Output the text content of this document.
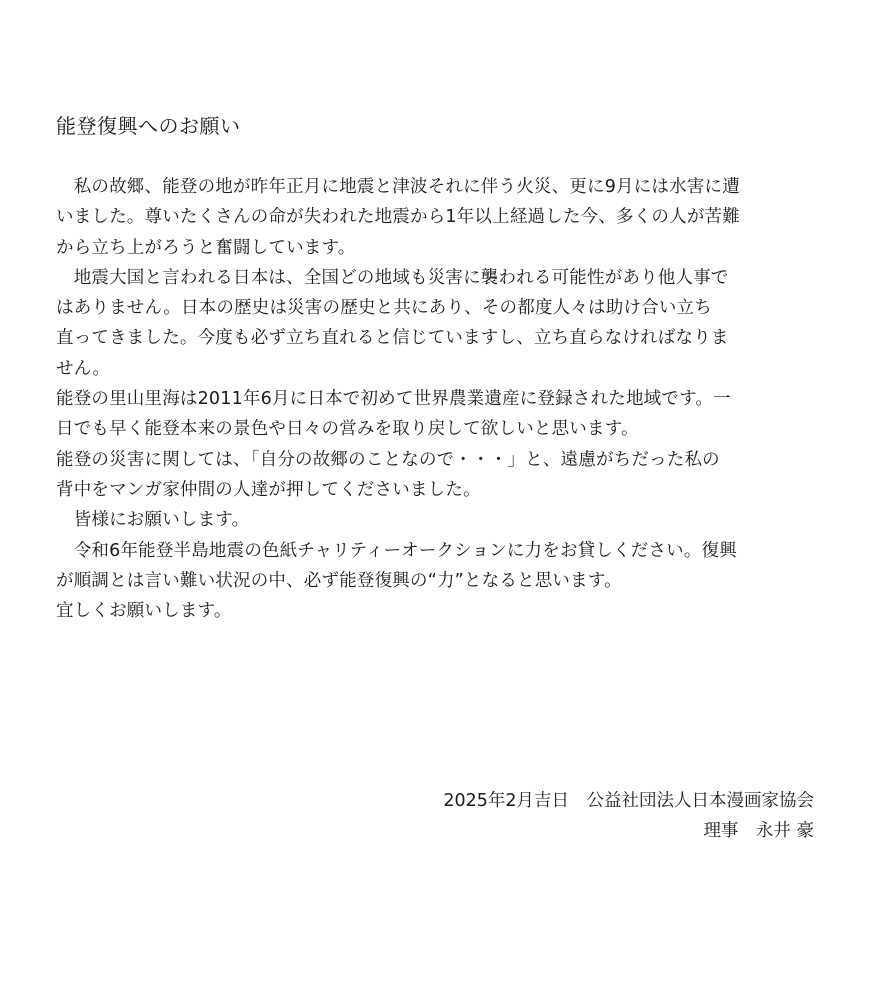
能登復興へのお願い
　私の故郷、能登の地が昨年正月に地震と津波それに伴う火災、更に9月には水害に遭
いました。尊いたくさんの命が失われた地震から1年以上経過した今、多くの人が苦難
から立ち上がろうと奮闘しています。
　地震大国と言われる日本は、全国どの地域も災害に襲われる可能性があり他人事で
はありません。日本の歴史は災害の歴史と共にあり、その都度人々は助け合い立ち
直ってきました。今度も必ず立ち直れると信じていますし、立ち直らなければなりま
せん。
能登の里山里海は2011年6月に日本で初めて世界農業遺産に登録された地域です。一
日でも早く能登本来の景色や日々の営みを取り戻して欲しいと思います。
能登の災害に関しては、「自分の故郷のことなので・・・」と、遠慮がちだった私の
背中をマンガ家仲間の人達が押してくださいました。
　皆様にお願いします。
　令和6年能登半島地震の色紙チャリティーオークションに力をお貸しください。復興
が順調とは言い難い状況の中、必ず能登復興の“力”となると思います。
宜しくお願いします。
2025年2月吉日　公益社団法人日本漫画家協会
理事　永井 豪
